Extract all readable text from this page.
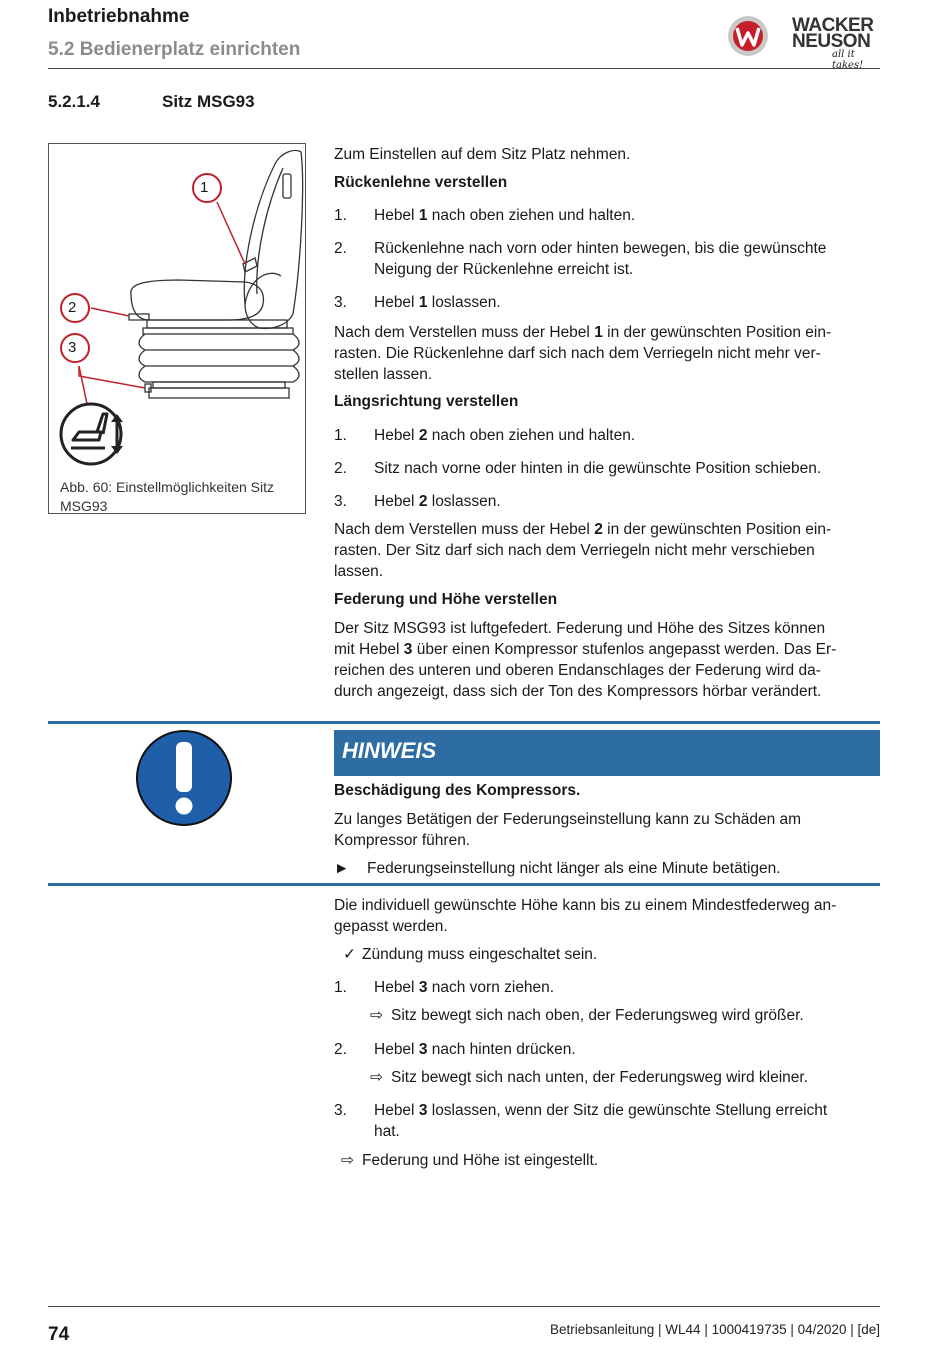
Inbetriebnahme
5.2 Bedienerplatz einrichten
WACKER
NEUSON
all it takes!
5.2.1.4	Sitz MSG93
1
2
3
Abb. 60: Einstellmöglichkeiten Sitz
MSG93
Zum Einstellen auf dem Sitz Platz nehmen.
Rückenlehne verstellen
1. Hebel 1 nach oben ziehen und halten.
2. Rückenlehne nach vorn oder hinten bewegen, bis die gewünschte
Neigung der Rückenlehne erreicht ist.
3. Hebel 1 loslassen.
Nach dem Verstellen muss der Hebel 1 in der gewünschten Position ein-
rasten. Die Rückenlehne darf sich nach dem Verriegeln nicht mehr ver-
stellen lassen.
Längsrichtung verstellen
1. Hebel 2 nach oben ziehen und halten.
2. Sitz nach vorne oder hinten in die gewünschte Position schieben.
3. Hebel 2 loslassen.
Nach dem Verstellen muss der Hebel 2 in der gewünschten Position ein-
rasten. Der Sitz darf sich nach dem Verriegeln nicht mehr verschieben
lassen.
Federung und Höhe verstellen
Der Sitz MSG93 ist luftgefedert. Federung und Höhe des Sitzes können
mit Hebel 3 über einen Kompressor stufenlos angepasst werden. Das Er-
reichen des unteren und oberen Endanschlages der Federung wird da-
durch angezeigt, dass sich der Ton des Kompressors hörbar verändert.
HINWEIS
Beschädigung des Kompressors.
Zu langes Betätigen der Federungseinstellung kann zu Schäden am
Kompressor führen.
► Federungseinstellung nicht länger als eine Minute betätigen.
Die individuell gewünschte Höhe kann bis zu einem Mindestfederweg an-
gepasst werden.
✓ Zündung muss eingeschaltet sein.
1. Hebel 3 nach vorn ziehen.
⇨ Sitz bewegt sich nach oben, der Federungsweg wird größer.
2. Hebel 3 nach hinten drücken.
⇨ Sitz bewegt sich nach unten, der Federungsweg wird kleiner.
3. Hebel 3 loslassen, wenn der Sitz die gewünschte Stellung erreicht
hat.
⇨ Federung und Höhe ist eingestellt.
74	Betriebsanleitung | WL44 | 1000419735 | 04/2020 | [de]
